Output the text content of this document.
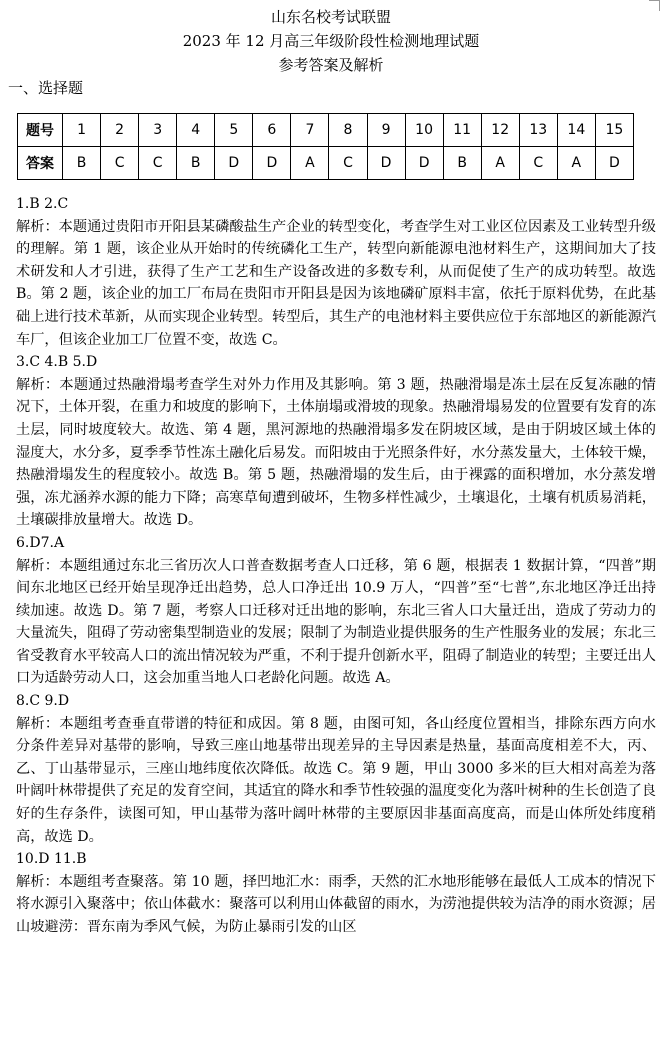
山东名校考试联盟
2023 年 12 月高三年级阶段性检测地理试题
参考答案及解析
一、选择题
题号	1	2	3	4	5	6	7	8	9	10	11	12	13	14	15
答案	B	C	C	B	D	D	A	C	D	D	B	A	C	A	D

1.B 2.C

解析：本题通过贵阳市开阳县某磷酸盐生产企业的转型变化，考查学生对工业区位因素及工业转型升级的理解。第 1 题，该企业从开始时的传统磷化工生产，转型向新能源电池材料生产，这期间加大了技术研发和人才引进，获得了生产工艺和生产设备改进的多数专利，从而促使了生产的成功转型。故选 B。第 2 题，该企业的加工厂布局在贵阳市开阳县是因为该地磷矿原料丰富，依托于原料优势，在此基础上进行技术革新，从而实现企业转型。转型后，其生产的电池材料主要供应位于东部地区的新能源汽车厂，但该企业加工厂位置不变，故选 C。

3.C 4.B 5.D

解析：本题通过热融滑塌考查学生对外力作用及其影响。第 3 题，热融滑塌是冻土层在反复冻融的情况下，土体开裂，在重力和坡度的影响下，土体崩塌或滑坡的现象。热融滑塌易发的位置要有发育的冻土层，同时坡度较大。故选、第 4 题，黑河源地的热融滑塌多发在阴坡区域，是由于阴坡区域土体的湿度大，水分多，夏季季节性冻土融化后易发。而阳坡由于光照条件好，水分蒸发量大，土体较干燥，热融滑塌发生的程度较小。故选 B。第 5 题，热融滑塌的发生后，由于裸露的面积增加，水分蒸发增强，冻尤涵养水源的能力下降；高寒草甸遭到破坏，生物多样性减少，土壤退化，土壤有机质易消耗，土壤碳排放量增大。故选 D。

6.D7.A

解析：本题组通过东北三省历次人口普查数据考查人口迁移，第 6 题，根据表 1 数据计算，“四普”期间东北地区已经开始呈现净迁出趋势，总人口净迁出 10.9 万人，“四普”至“七普”,东北地区净迁出持续加速。故选 D。第 7 题，考察人口迁移对迁出地的影响，东北三省人口大量迁出，造成了劳动力的大量流失，阻碍了劳动密集型制造业的发展；限制了为制造业提供服务的生产性服务业的发展；东北三省受教育水平较高人口的流出情况较为严重，不利于提升创新水平，阻碍了制造业的转型；主要迁出人口为适龄劳动人口，这会加重当地人口老龄化问题。故选 A。

8.C 9.D

解析：本题组考查垂直带谱的特征和成因。第 8 题，由图可知，各山经度位置相当，排除东西方向水分条件差异对基带的影响，导致三座山地基带出现差异的主导因素是热量，基面高度相差不大，丙、乙、丁山基带显示，三座山地纬度依次降低。故选 C。第 9 题，甲山 3000 多米的巨大相对高差为落叶阔叶林带提供了充足的发育空间，其适宜的降水和季节性较强的温度变化为落叶树种的生长创造了良好的生存条件，读图可知，甲山基带为落叶阔叶林带的主要原因非基面高度高，而是山体所处纬度稍高，故选 D。

10.D 11.B

解析：本题组考查聚落。第 10 题，择凹地汇水：雨季，天然的汇水地形能够在最低人工成本的情况下将水源引入聚落中；依山体截水：聚落可以利用山体截留的雨水，为涝池提供较为洁净的雨水资源；居山坡避涝：晋东南为季风气候，为防止暴雨引发的山区
